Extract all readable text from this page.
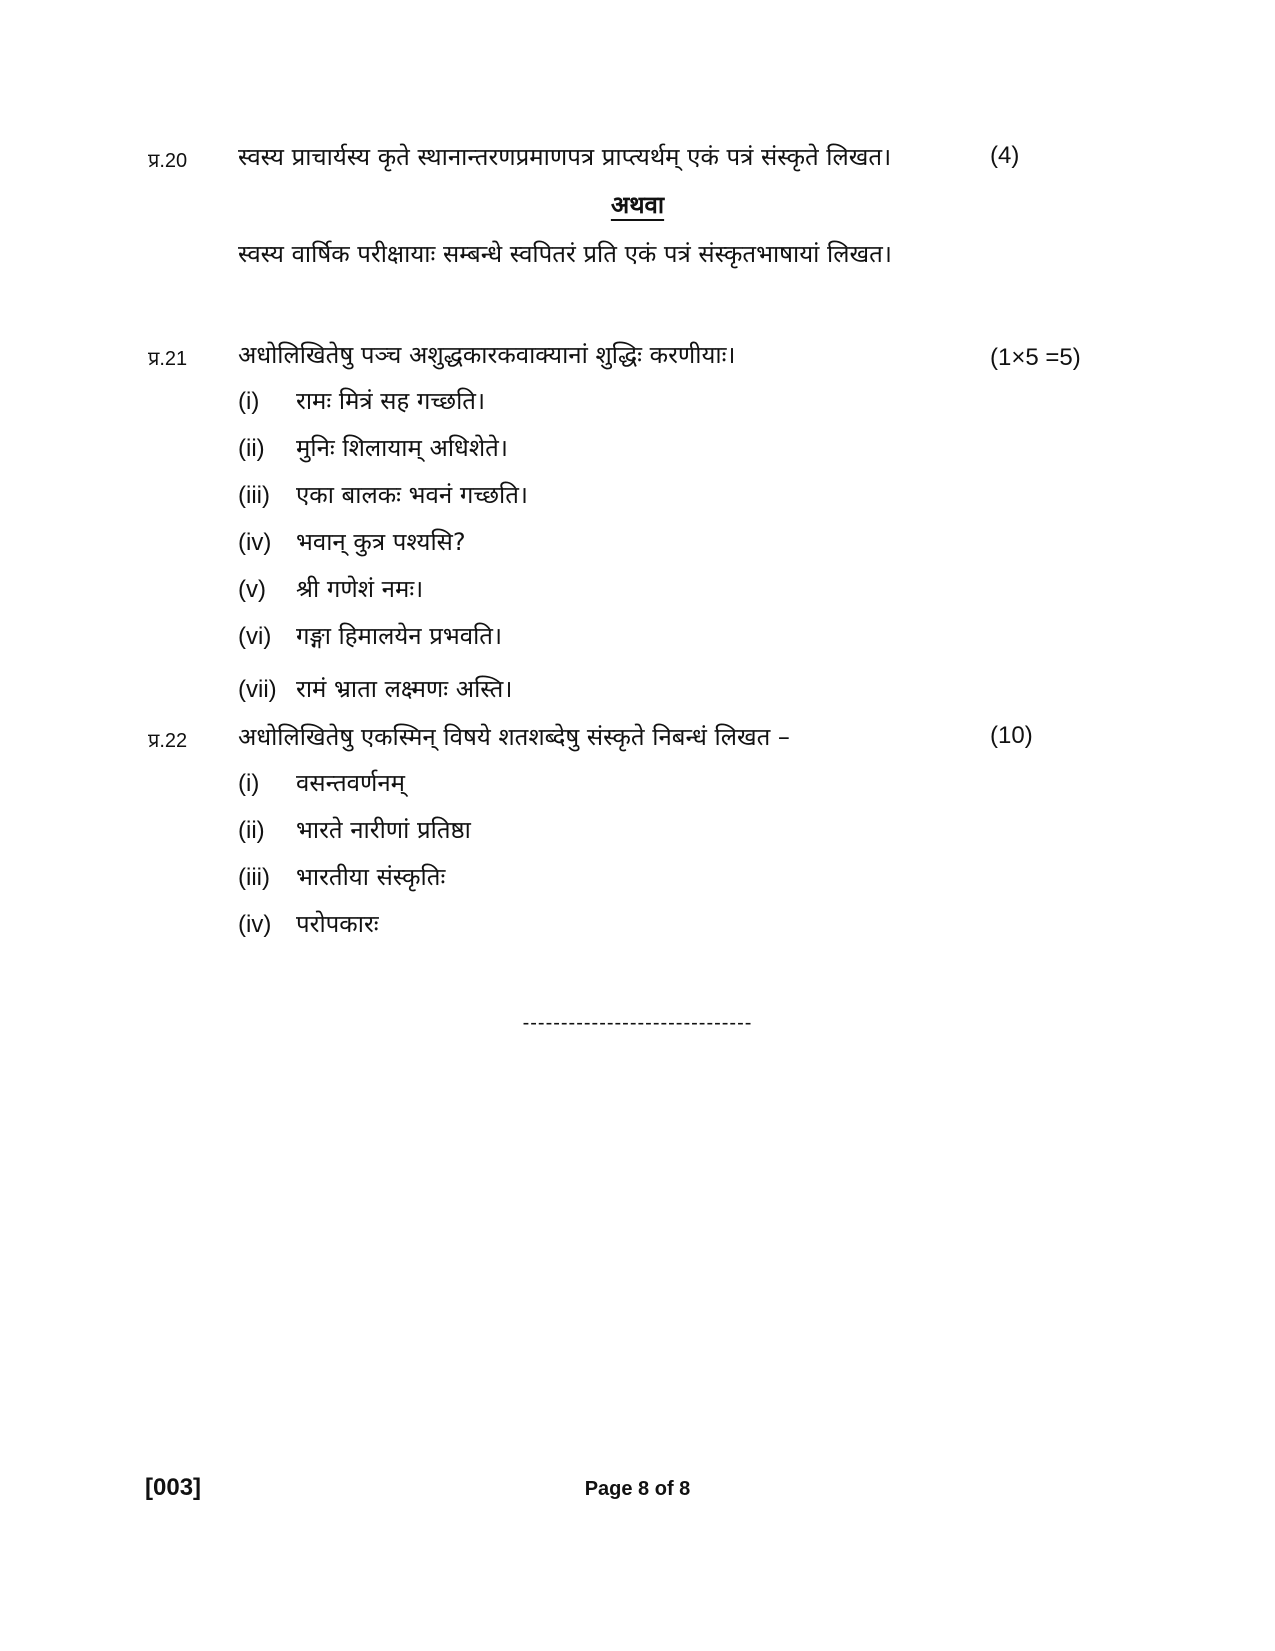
प्र.20 स्वस्य प्राचार्यस्य कृते स्थानान्तरणप्रमाणपत्र प्राप्त्यर्थम् एकं पत्रं संस्कृते लिखत।	(4)
अथवा
स्वस्य वार्षिक परीक्षायाः सम्बन्धे स्वपितरं प्रति एकं पत्रं संस्कृतभाषायां लिखत।
प्र.21 अधोलिखितेषु पञ्च अशुद्धकारकवाक्यानां शुद्धिः करणीयाः।	(1×5 =5)
(i) रामः मित्रं सह गच्छति।
(ii) मुनिः शिलायाम् अधिशेते।
(iii) एका बालकः भवनं गच्छति।
(iv) भवान् कुत्र पश्यसि?
(v) श्री गणेशं नमः।
(vi) गङ्गा हिमालयेन प्रभवति।
(vii) रामं भ्राता लक्ष्मणः अस्ति।
प्र.22 अधोलिखितेषु एकस्मिन् विषये शतशब्देषु संस्कृते निबन्धं लिखत –	(10)
(i) वसन्तवर्णनम्
(ii) भारते नारीणां प्रतिष्ठा
(iii) भारतीया संस्कृतिः
(iv) परोपकारः
------------------------------
[003]	Page 8 of 8
